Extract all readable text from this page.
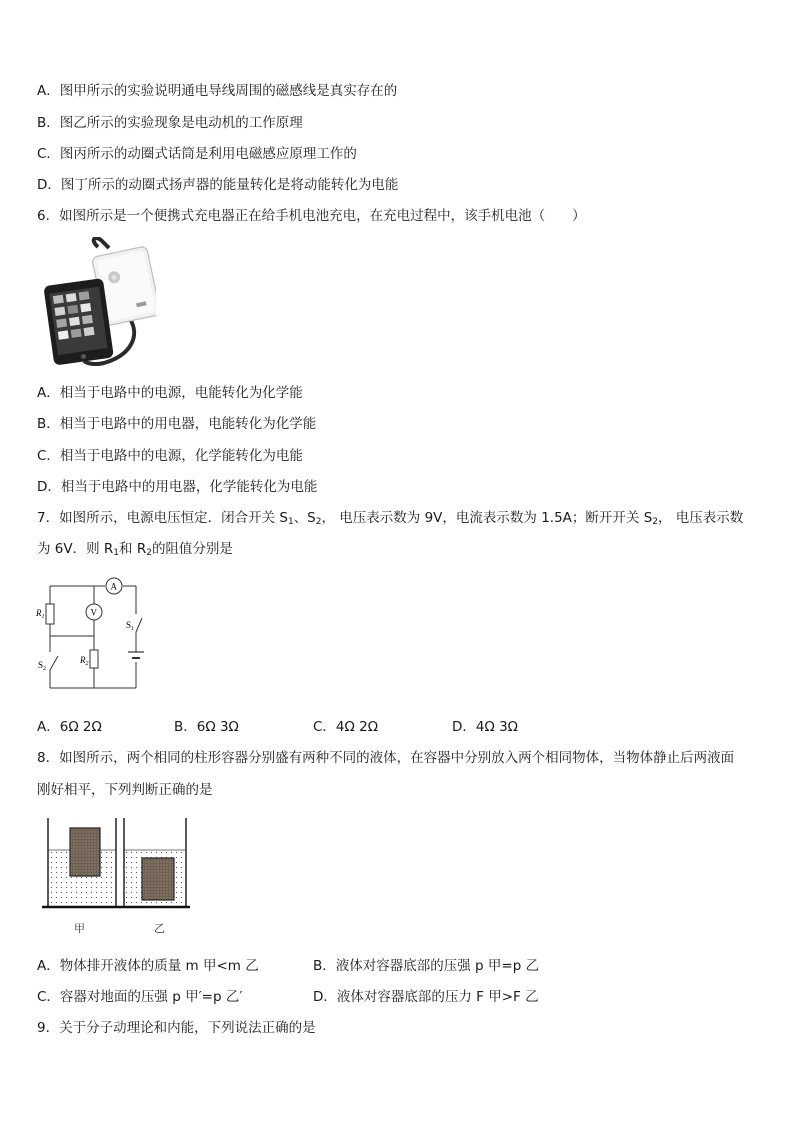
A．图甲所示的实验说明通电导线周围的磁感线是真实存在的
B．图乙所示的实验现象是电动机的工作原理
C．图丙所示的动圈式话筒是利用电磁感应原理工作的
D．图丁所示的动圈式扬声器的能量转化是将动能转化为电能
6．如图所示是一个便携式充电器正在给手机电池充电，在充电过程中，该手机电池（　　）
A．相当于电路中的电源，电能转化为化学能
B．相当于电路中的用电器，电能转化为化学能
C．相当于电路中的电源，化学能转化为电能
D．相当于电路中的用电器，化学能转化为电能
7．如图所示，电源电压恒定．闭合开关 $S_1$、$S_2$， 电压表示数为 9V，电流表示数为 1.5A；断开开关 $S_2$， 电压表示数
为 6V．则 $R_1$和 $R_2$的阻值分别是
A
V
$R_1$
$R_2$
$S_1$
$S_2$
A．6Ω 2Ω	B．6Ω 3Ω	C．4Ω 2Ω	D．4Ω 3Ω
8．如图所示，两个相同的柱形容器分别盛有两种不同的液体，在容器中分别放入两个相同物体，当物体静止后两液面
刚好相平，下列判断正确的是
甲	乙
A．物体排开液体的质量 m 甲<m 乙	B．液体对容器底部的压强 p 甲=p 乙
C．容器对地面的压强 p 甲′=p 乙′	D．液体对容器底部的压力 F 甲>F 乙
9．关于分子动理论和内能，下列说法正确的是
